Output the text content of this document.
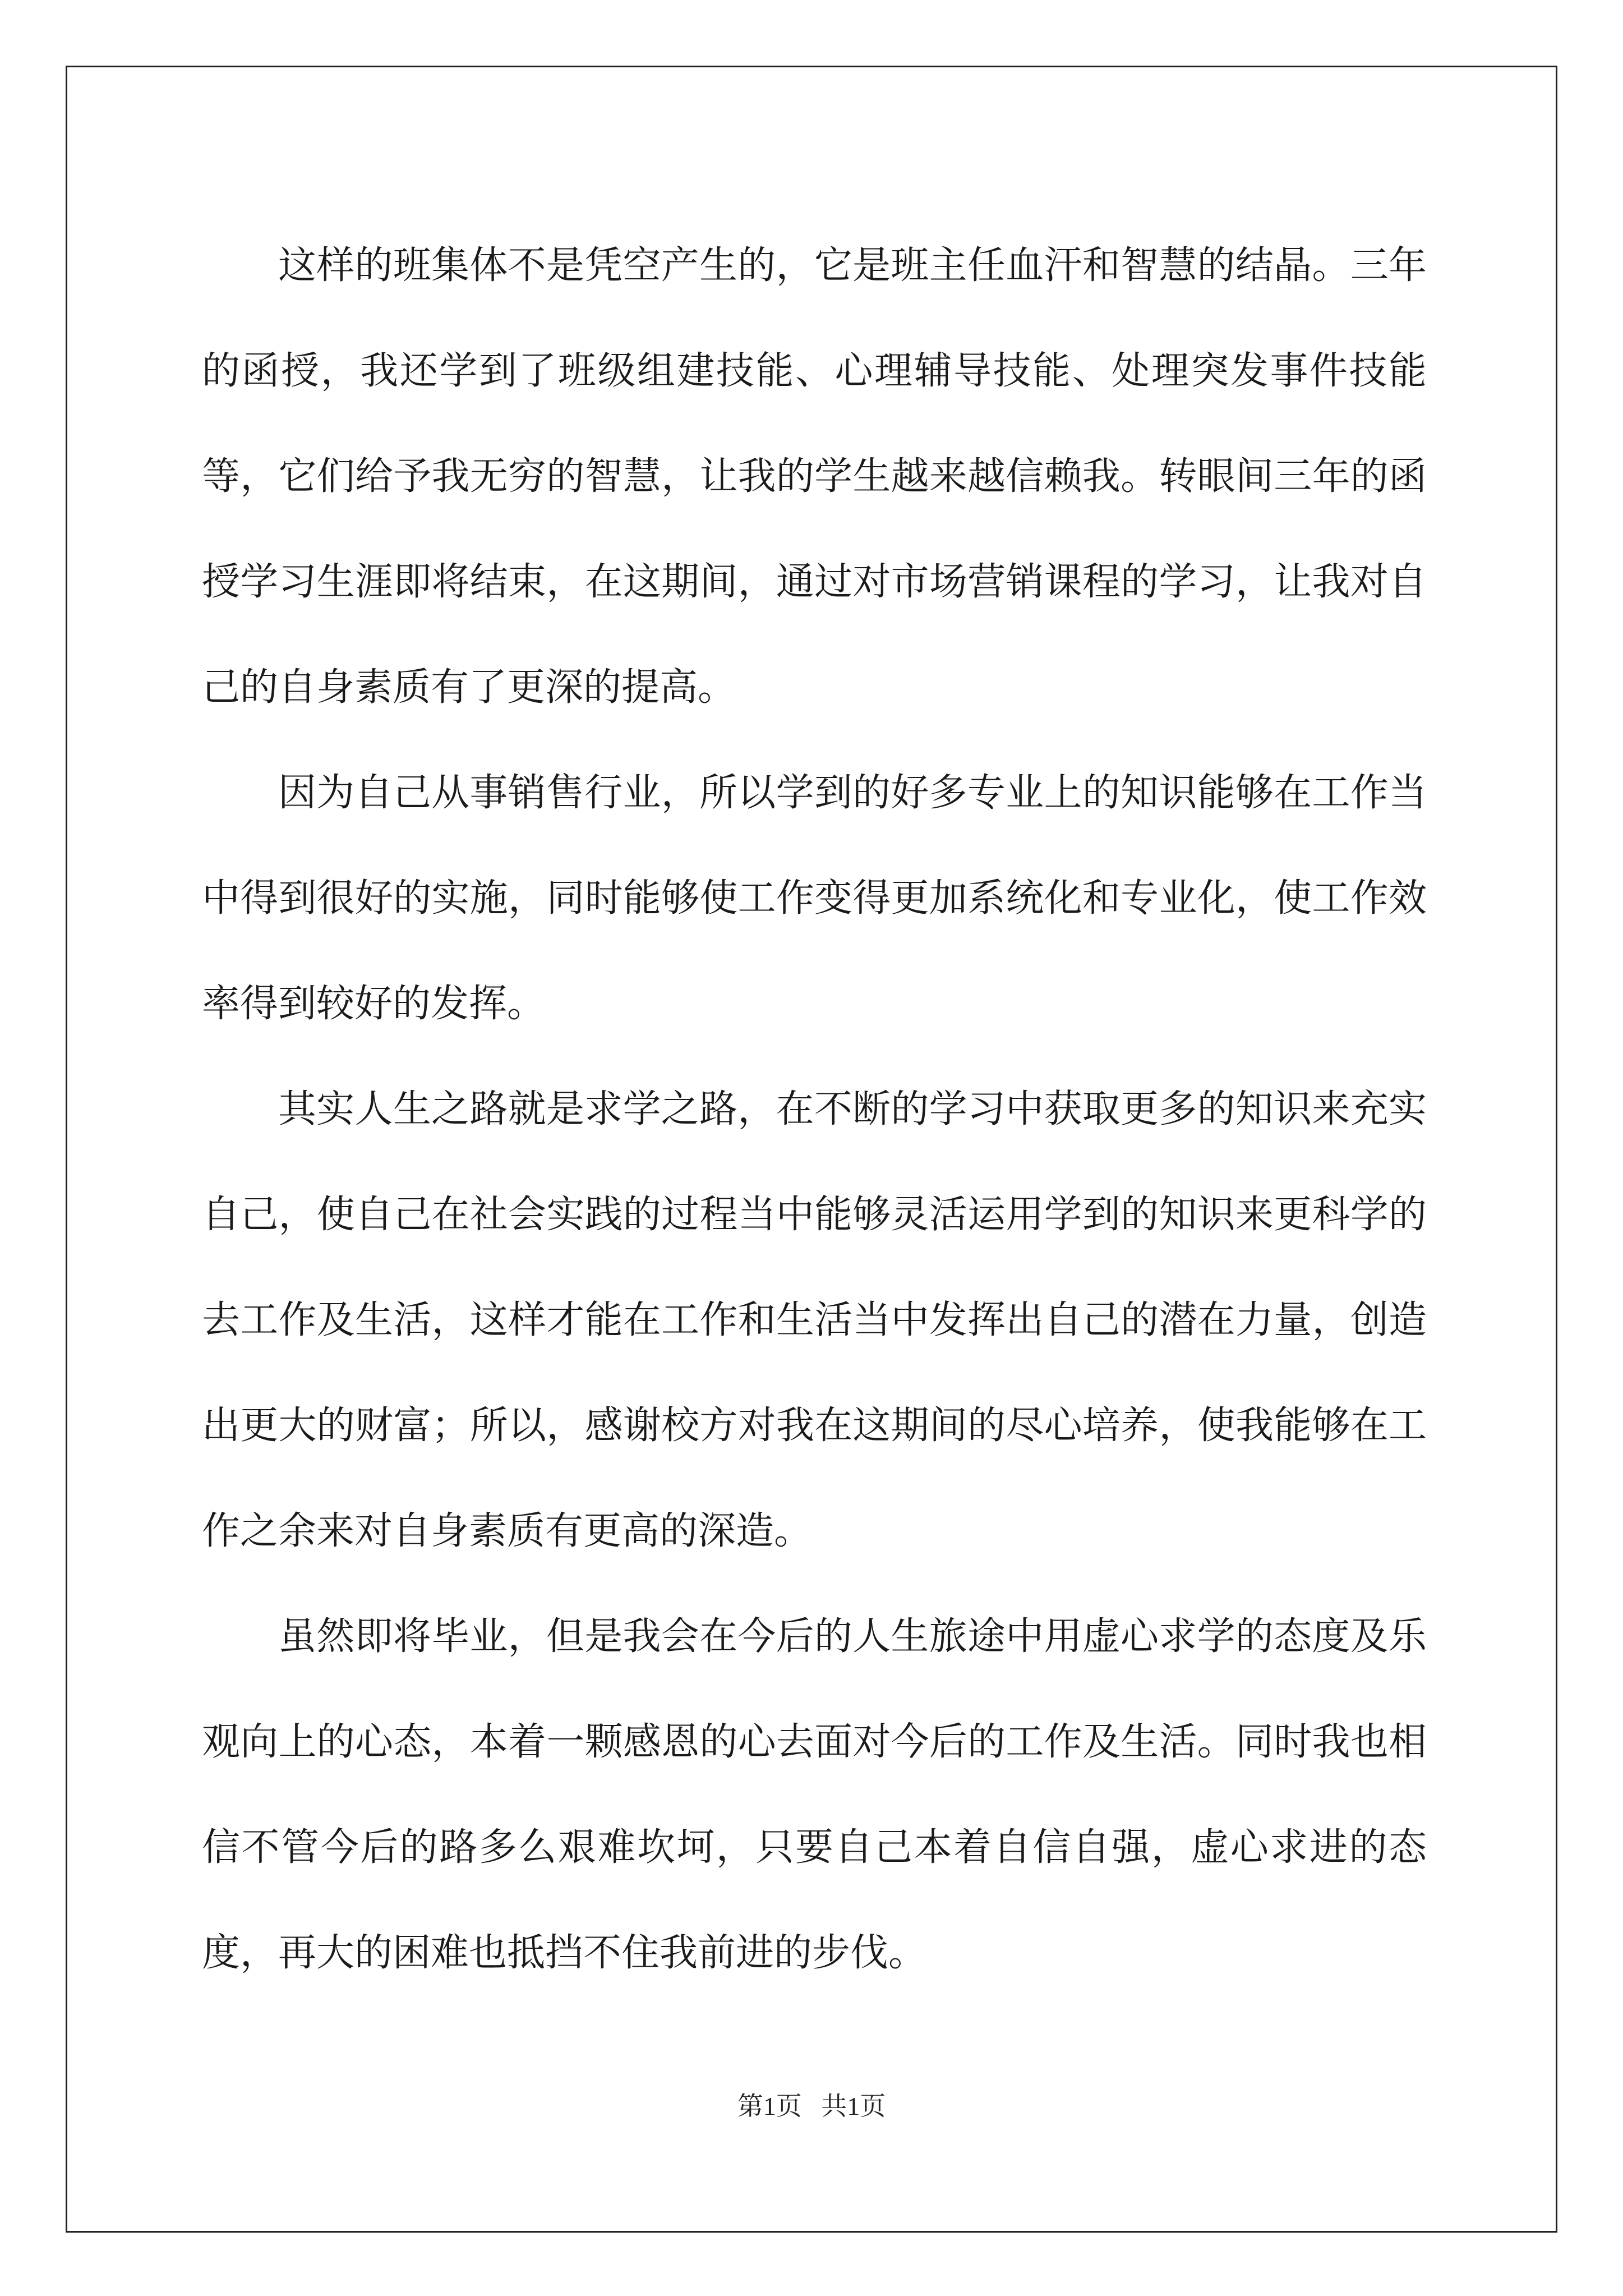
这样的班集体不是凭空产生的，它是班主任血汗和智慧的结晶。三年的函授，我还学到了班级组建技能、心理辅导技能、处理突发事件技能等，它们给予我无穷的智慧，让我的学生越来越信赖我。转眼间三年的函授学习生涯即将结束，在这期间，通过对市场营销课程的学习，让我对自己的自身素质有了更深的提高。

因为自己从事销售行业，所以学到的好多专业上的知识能够在工作当中得到很好的实施，同时能够使工作变得更加系统化和专业化，使工作效率得到较好的发挥。

其实人生之路就是求学之路，在不断的学习中获取更多的知识来充实自己，使自己在社会实践的过程当中能够灵活运用学到的知识来更科学的去工作及生活，这样才能在工作和生活当中发挥出自己的潜在力量，创造出更大的财富；所以，感谢校方对我在这期间的尽心培养，使我能够在工作之余来对自身素质有更高的深造。

虽然即将毕业，但是我会在今后的人生旅途中用虚心求学的态度及乐观向上的心态，本着一颗感恩的心去面对今后的工作及生活。同时我也相信不管今后的路多么艰难坎坷，只要自己本着自信自强，虚心求进的态度，再大的困难也抵挡不住我前进的步伐。

第1页   共1页
